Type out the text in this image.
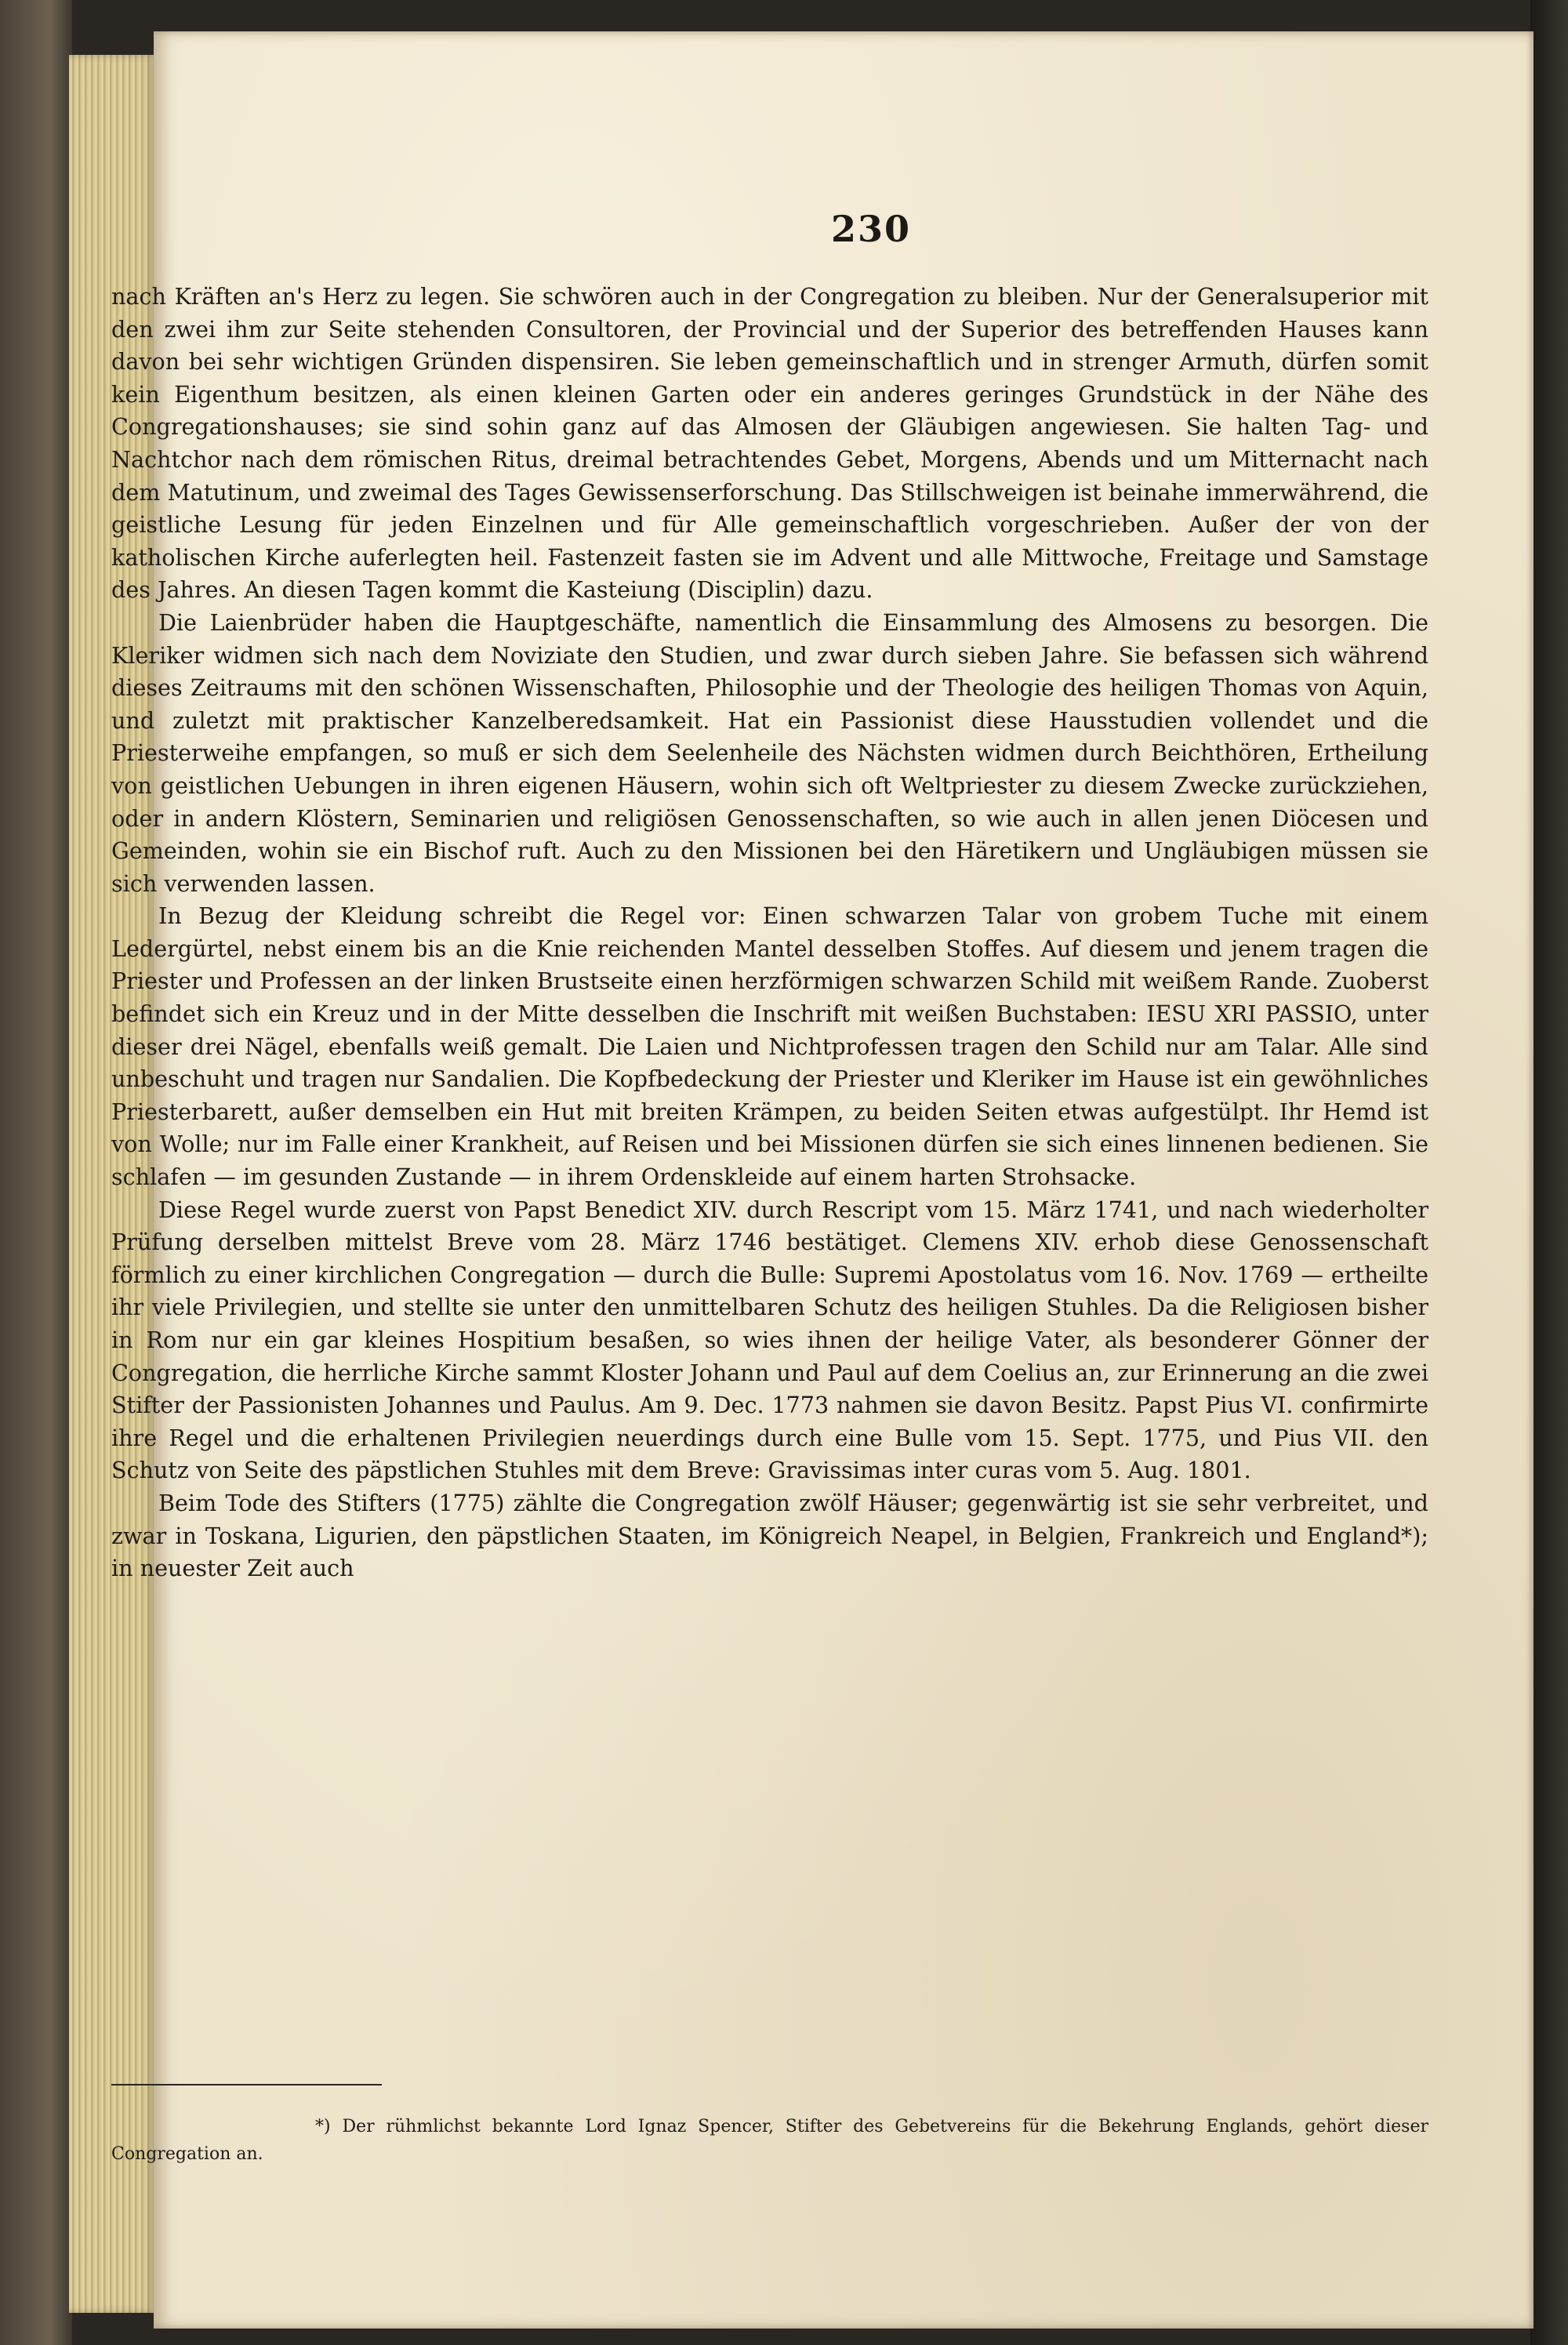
230

nach Kräften an's Herz zu legen. Sie schwören auch in der Congregation zu bleiben. Nur der Generalsuperior mit den zwei ihm zur Seite stehenden Consultoren, der Provincial und der Superior des betreffenden Hauses kann davon bei sehr wichtigen Gründen dispensiren. Sie leben gemeinschaftlich und in strenger Armuth, dürfen somit kein Eigenthum besitzen, als einen kleinen Garten oder ein anderes geringes Grundstück in der Nähe des Congregationshauses; sie sind sohin ganz auf das Almosen der Gläubigen angewiesen. Sie halten Tag- und Nachtchor nach dem römischen Ritus, dreimal betrachtendes Gebet, Morgens, Abends und um Mitternacht nach dem Matutinum, und zweimal des Tages Gewissenserforschung. Das Stillschweigen ist beinahe immerwährend, die geistliche Lesung für jeden Einzelnen und für Alle gemeinschaftlich vorgeschrieben. Außer der von der katholischen Kirche auferlegten heil. Fastenzeit fasten sie im Advent und alle Mittwoche, Freitage und Samstage des Jahres. An diesen Tagen kommt die Kasteiung (Disciplin) dazu.

Die Laienbrüder haben die Hauptgeschäfte, namentlich die Einsammlung des Almosens zu besorgen. Die Kleriker widmen sich nach dem Noviziate den Studien, und zwar durch sieben Jahre. Sie befassen sich während dieses Zeitraums mit den schönen Wissenschaften, Philosophie und der Theologie des heiligen Thomas von Aquin, und zuletzt mit praktischer Kanzelberedsamkeit. Hat ein Passionist diese Hausstudien vollendet und die Priesterweihe empfangen, so muß er sich dem Seelenheile des Nächsten widmen durch Beichthören, Ertheilung von geistlichen Uebungen in ihren eigenen Häusern, wohin sich oft Weltpriester zu diesem Zwecke zurückziehen, oder in andern Klöstern, Seminarien und religiösen Genossenschaften, so wie auch in allen jenen Diöcesen und Gemeinden, wohin sie ein Bischof ruft. Auch zu den Missionen bei den Häretikern und Ungläubigen müssen sie sich verwenden lassen.

In Bezug der Kleidung schreibt die Regel vor: Einen schwarzen Talar von grobem Tuche mit einem Ledergürtel, nebst einem bis an die Knie reichenden Mantel desselben Stoffes. Auf diesem und jenem tragen die Priester und Professen an der linken Brustseite einen herzförmigen schwarzen Schild mit weißem Rande. Zuoberst befindet sich ein Kreuz und in der Mitte desselben die Inschrift mit weißen Buchstaben: IESU XRI PASSIO, unter dieser drei Nägel, ebenfalls weiß gemalt. Die Laien und Nichtprofessen tragen den Schild nur am Talar. Alle sind unbeschuht und tragen nur Sandalien. Die Kopfbedeckung der Priester und Kleriker im Hause ist ein gewöhnliches Priesterbarett, außer demselben ein Hut mit breiten Krämpen, zu beiden Seiten etwas aufgestülpt. Ihr Hemd ist von Wolle; nur im Falle einer Krankheit, auf Reisen und bei Missionen dürfen sie sich eines linnenen bedienen. Sie schlafen — im gesunden Zustande — in ihrem Ordenskleide auf einem harten Strohsacke.

Diese Regel wurde zuerst von Papst Benedict XIV. durch Rescript vom 15. März 1741, und nach wiederholter Prüfung derselben mittelst Breve vom 28. März 1746 bestätiget. Clemens XIV. erhob diese Genossenschaft förmlich zu einer kirchlichen Congregation — durch die Bulle: Supremi Apostolatus vom 16. Nov. 1769 — ertheilte ihr viele Privilegien, und stellte sie unter den unmittelbaren Schutz des heiligen Stuhles. Da die Religiosen bisher in Rom nur ein gar kleines Hospitium besaßen, so wies ihnen der heilige Vater, als besonderer Gönner der Congregation, die herrliche Kirche sammt Kloster Johann und Paul auf dem Coelius an, zur Erinnerung an die zwei Stifter der Passionisten Johannes und Paulus. Am 9. Dec. 1773 nahmen sie davon Besitz. Papst Pius VI. confirmirte ihre Regel und die erhaltenen Privilegien neuerdings durch eine Bulle vom 15. Sept. 1775, und Pius VII. den Schutz von Seite des päpstlichen Stuhles mit dem Breve: Gravissimas inter curas vom 5. Aug. 1801.

Beim Tode des Stifters (1775) zählte die Congregation zwölf Häuser; gegenwärtig ist sie sehr verbreitet, und zwar in Toskana, Ligurien, den päpstlichen Staaten, im Königreich Neapel, in Belgien, Frankreich und England*); in neuester Zeit auch

*) Der rühmlichst bekannte Lord Ignaz Spencer, Stifter des Gebetvereins für die Bekehrung Englands, gehört dieser Congregation an.
